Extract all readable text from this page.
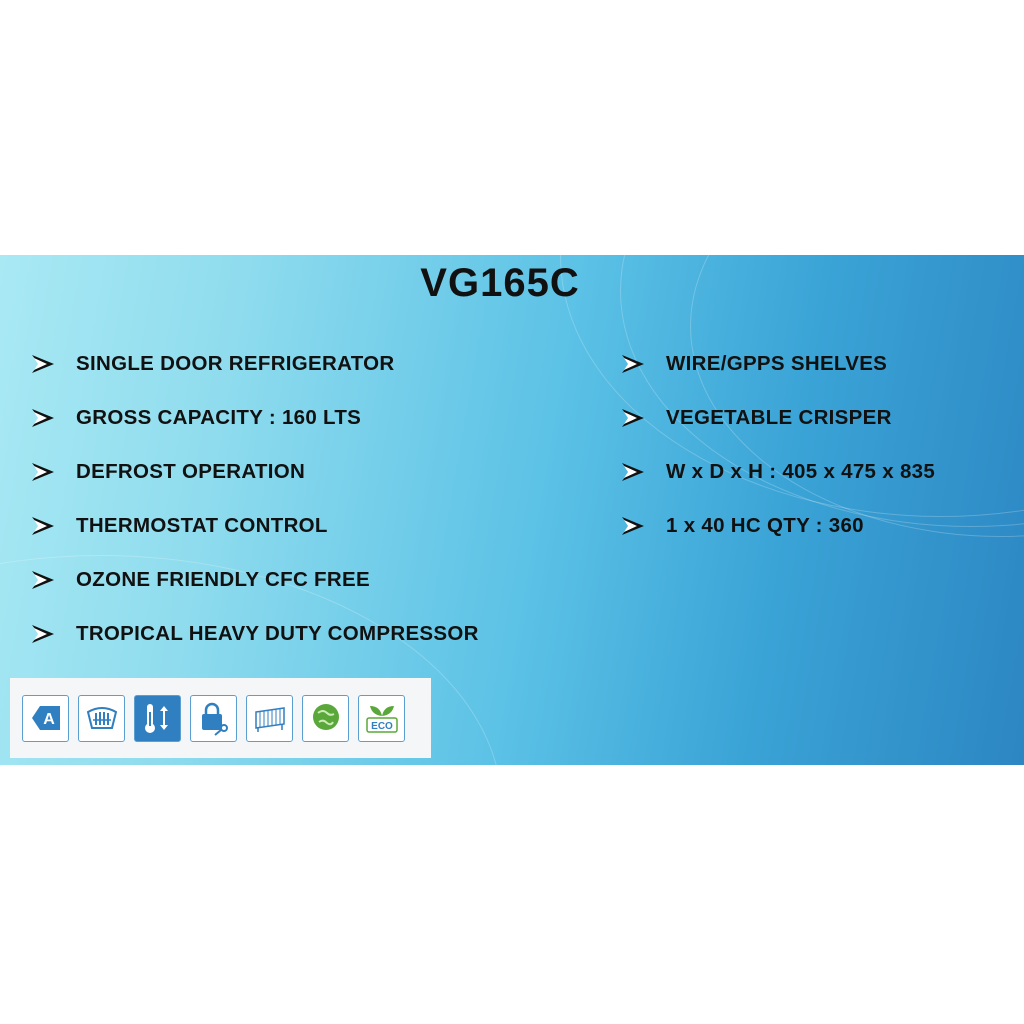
VG165C
SINGLE DOOR REFRIGERATOR
GROSS CAPACITY : 160 LTS
DEFROST OPERATION
THERMOSTAT CONTROL
OZONE FRIENDLY CFC FREE
TROPICAL HEAVY DUTY COMPRESSOR
WIRE/GPPS SHELVES
VEGETABLE CRISPER
W x D x H : 405 x 475 x 835
1 x 40 HC QTY : 360
A	ECO
